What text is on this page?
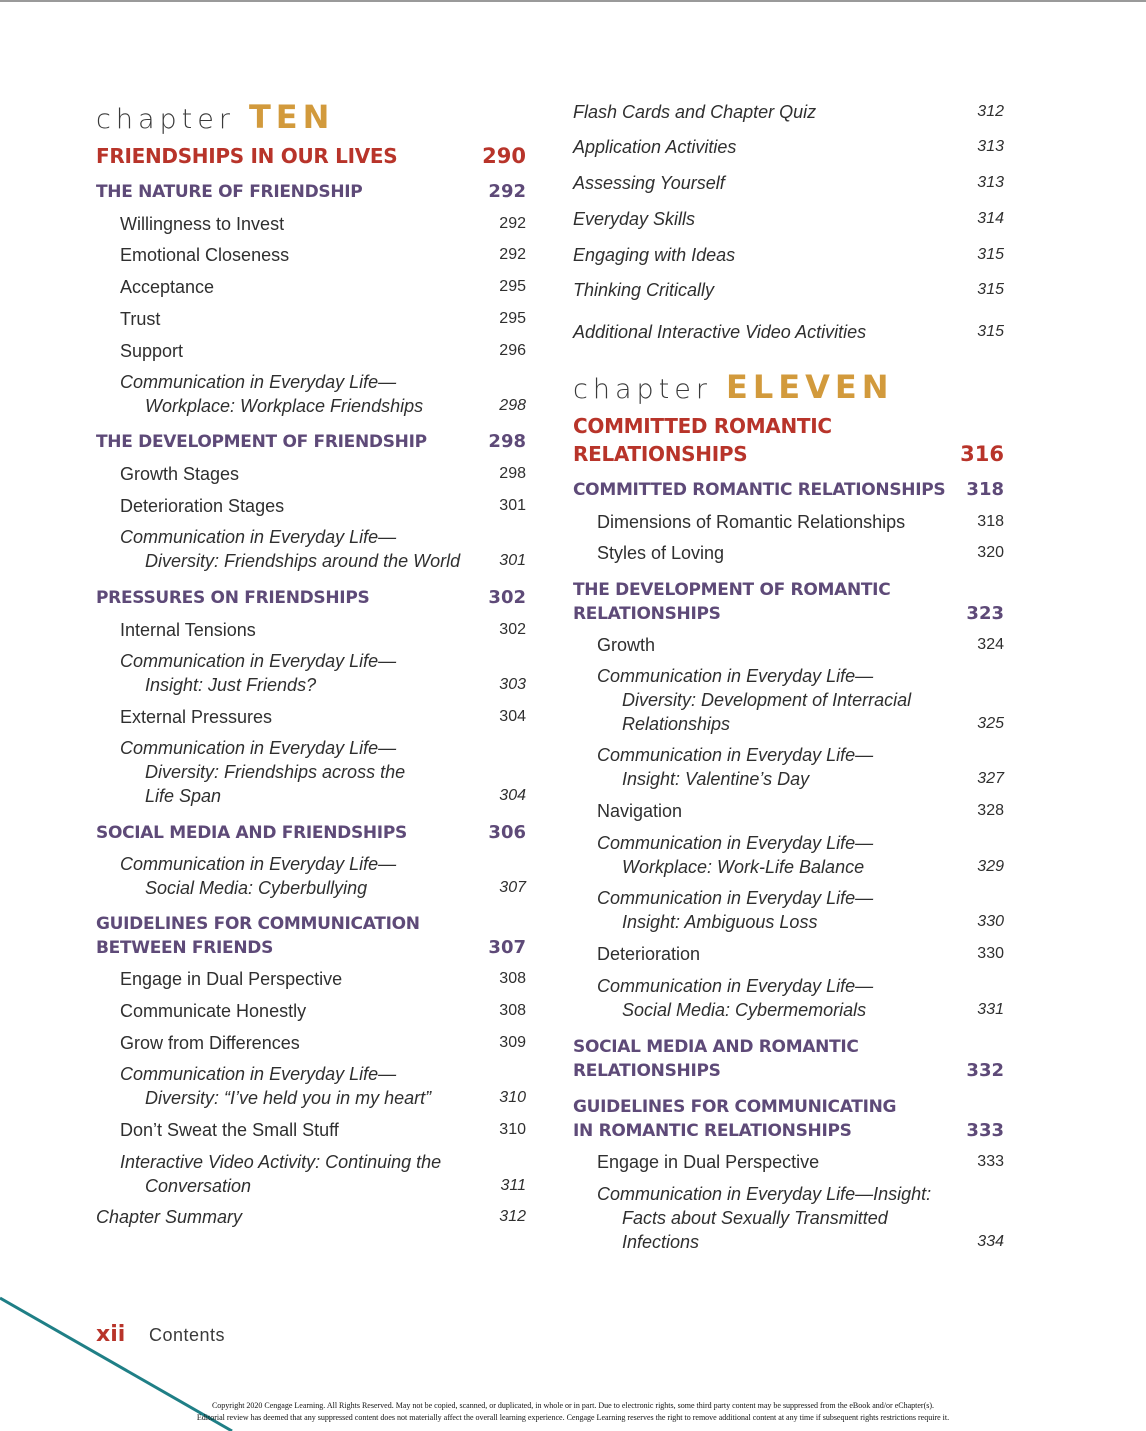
chapter TEN
FRIENDSHIPS IN OUR LIVES	290
THE NATURE OF FRIENDSHIP	292
Willingness to Invest	292
Emotional Closeness	292
Acceptance	295
Trust	295
Support	296
Communication in Everyday Life—
Workplace: Workplace Friendships	298
THE DEVELOPMENT OF FRIENDSHIP	298
Growth Stages	298
Deterioration Stages	301
Communication in Everyday Life—
Diversity: Friendships around the World	301
PRESSURES ON FRIENDSHIPS	302
Internal Tensions	302
Communication in Everyday Life—
Insight: Just Friends?	303
External Pressures	304
Communication in Everyday Life—
Diversity: Friendships across the
Life Span	304
SOCIAL MEDIA AND FRIENDSHIPS	306
Communication in Everyday Life—
Social Media: Cyberbullying	307
GUIDELINES FOR COMMUNICATION
BETWEEN FRIENDS	307
Engage in Dual Perspective	308
Communicate Honestly	308
Grow from Differences	309
Communication in Everyday Life—
Diversity: “I’ve held you in my heart”	310
Don’t Sweat the Small Stuff	310
Interactive Video Activity: Continuing the
Conversation	311
Chapter Summary	312
Flash Cards and Chapter Quiz	312
Application Activities	313
Assessing Yourself	313
Everyday Skills	314
Engaging with Ideas	315
Thinking Critically	315
Additional Interactive Video Activities	315
chapter ELEVEN
COMMITTED ROMANTIC
RELATIONSHIPS	316
COMMITTED ROMANTIC RELATIONSHIPS 318
Dimensions of Romantic Relationships	318
Styles of Loving	320
THE DEVELOPMENT OF ROMANTIC
RELATIONSHIPS	323
Growth	324
Communication in Everyday Life—
Diversity: Development of Interracial
Relationships	325
Communication in Everyday Life—
Insight: Valentine’s Day	327
Navigation	328
Communication in Everyday Life—
Workplace: Work-Life Balance	329
Communication in Everyday Life—
Insight: Ambiguous Loss	330
Deterioration	330
Communication in Everyday Life—
Social Media: Cybermemorials	331
SOCIAL MEDIA AND ROMANTIC
RELATIONSHIPS	332
GUIDELINES FOR COMMUNICATING
IN ROMANTIC RELATIONSHIPS	333
Engage in Dual Perspective	333
Communication in Everyday Life—Insight:
Facts about Sexually Transmitted
Infections	334
xii Contents
Copyright 2020 Cengage Learning. All Rights Reserved. May not be copied, scanned, or duplicated, in whole or in part. Due to electronic rights, some third party content may be suppressed from the eBook and/or eChapter(s).
Editorial review has deemed that any suppressed content does not materially affect the overall learning experience. Cengage Learning reserves the right to remove additional content at any time if subsequent rights restrictions require it.
